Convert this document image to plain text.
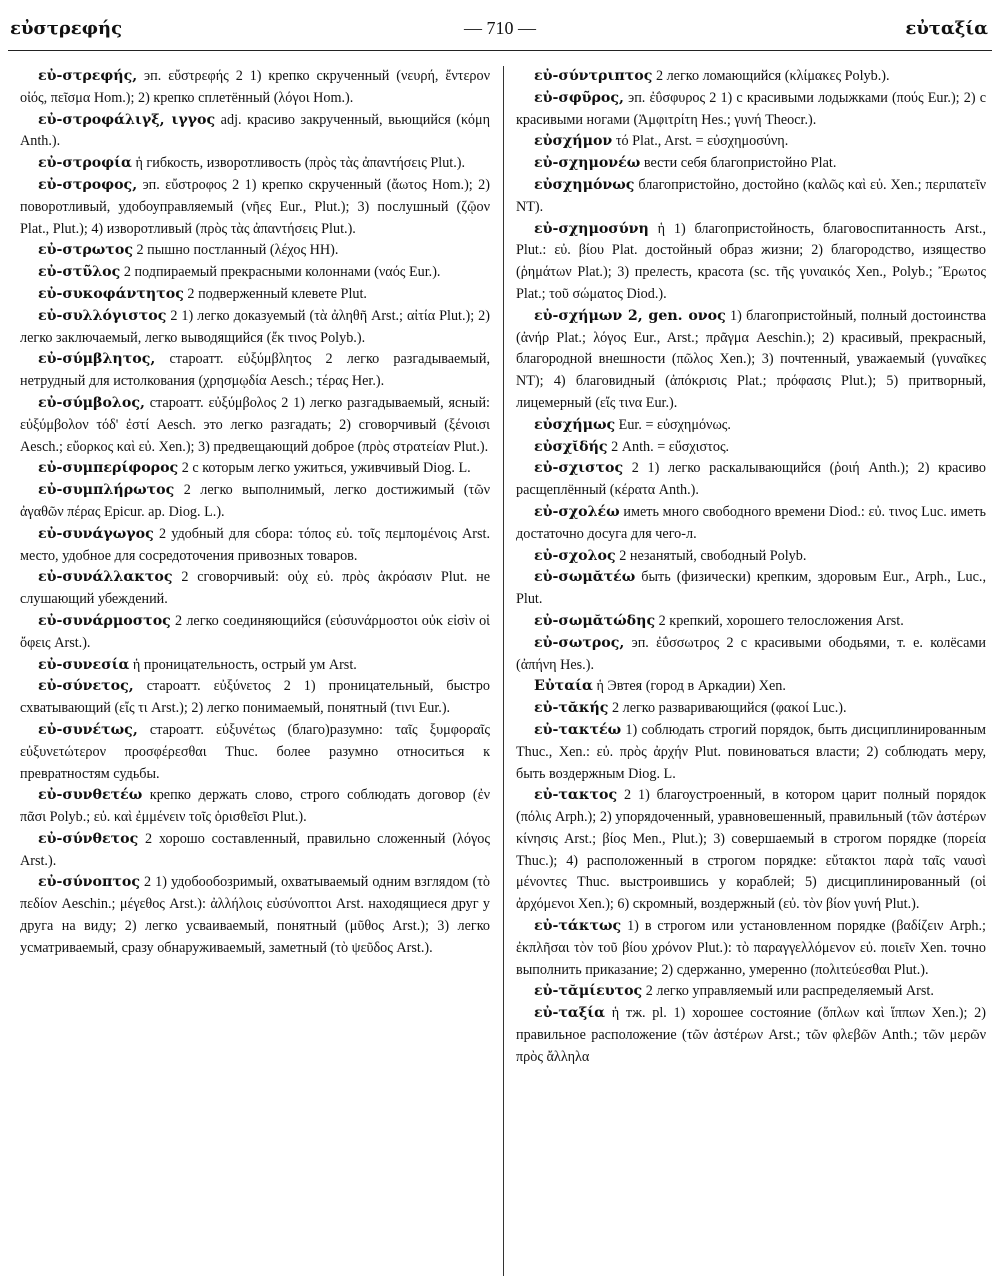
εὐστρεφής	— 710 —	εὐταξία

εὐ-στρεφής, эп. εὔστρεφής 2 1) крепко скрученный (νευρή, ἔντερον οἰός, πεῖσμα Hom.); 2) крепко сплетённый (λόγοι Hom.).

εὐ-στροφάλιγξ, ιγγος adj. красиво закрученный, вьющийся (κόμη Anth.).

εὐ-στροφία ἡ гибкость, изворотливость (πρὸς τὰς ἀπαντήσεις Plut.).

εὐ-στροφος, эп. εὔστροφος 2 1) крепко скрученный (ἄωτος Hom.); 2) поворотливый, удобоуправляемый (νῆες Eur., Plut.); 3) послушный (ζῷον Plat., Plut.); 4) изворотливый (πρὸς τὰς ἀπαντήσεις Plut.).

εὐ-στρωτος 2 пышно постланный (λέχος HH).

εὐ-στῦλος 2 подпираемый прекрасными колоннами (ναός Eur.).

εὐ-συκοφάντητος 2 подверженный клевете Plut.

εὐ-συλλόγιστος 2 1) легко доказуемый (τὰ ἀληθῆ Arst.; αἰτία Plut.); 2) легко заключаемый, легко выводящийся (ἔκ τινος Polyb.).

εὐ-σύμβλητος, староатт. εὐξύμβλητος 2 легко разгадываемый, нетрудный для истолкования (χρησμῳδία Aesch.; τέρας Her.).

εὐ-σύμβολος, староатт. εὐξύμβολος 2 1) легко разгадываемый, ясный: εὐξύμβολον τόδ' ἐστί Aesch. это легко разгадать; 2) сговорчивый (ξένοισι Aesch.; εὔορκος καὶ εὐ. Xen.); 3) предвещающий доброе (πρὸς στρατείαν Plut.).

εὐ-συμπερίφορος 2 с которым легко ужиться, уживчивый Diog. L.

εὐ-συμπλήρωτος 2 легко выполнимый, легко достижимый (τῶν ἀγαθῶν πέρας Epicur. ap. Diog. L.).

εὐ-συνάγωγος 2 удобный для сбора: τόπος εὐ. τοῖς πεμπομένοις Arst. место, удобное для сосредоточения привозных товаров.

εὐ-συνάλλακτος 2 сговорчивый: οὐχ εὐ. πρὸς ἀκρόασιν Plut. не слушающий убеждений.

εὐ-συνάρμοστος 2 легко соединяющийся (εὐσυνάρμοστοι οὐκ εἰσὶν οἱ ὄφεις Arst.).

εὐ-συνεσία ἡ проницательность, острый ум Arst.

εὐ-σύνετος, староатт. εὐξύνετος 2 1) проницательный, быстро схватывающий (εἴς τι Arst.); 2) легко понимаемый, понятный (τινι Eur.).

εὐ-συνέτως, староатт. εὐξυνέτως (благо)разумно: ταῖς ξυμφοραῖς εὐξυνετώτερον προσφέρεσθαι Thuc. более разумно относиться к превратностям судьбы.

εὐ-συνθετέω крепко держать слово, строго соблюдать договор (ἐν πᾶσι Polyb.; εὐ. καὶ ἐμμένειν τοῖς ὁρισθεῖσι Plut.).

εὐ-σύνθετος 2 хорошо составленный, правильно сложенный (λόγος Arst.).

εὐ-σύνοπτος 2 1) удобообозримый, охватываемый одним взглядом (τὸ πεδίον Aeschin.; μέγεθος Arst.): ἀλλήλοις εὐσύνοπτοι Arst. находящиеся друг у друга на виду; 2) легко усваиваемый, понятный (μῦθος Arst.); 3) легко усматриваемый, сразу обнаруживаемый, заметный (τὸ ψεῦδος Arst.).

εὐ-σύντριπτος 2 легко ломающийся (κλίμακες Polyb.).

εὐ-σφῦρος, эп. ἐΰσφυρος 2 1) с красивыми лодыжками (πούς Eur.); 2) с красивыми ногами (Ἀμφιτρίτη Hes.; γυνή Theocr.).

εὐσχήμον τό Plat., Arst. = εὐσχημοσύνη.

εὐ-σχημονέω вести себя благопристойно Plat.

εὐσχημόνως благопристойно, достойно (καλῶς καὶ εὐ. Xen.; περιπατεῖν NT).

εὐ-σχημοσύνη ἡ 1) благопристойность, благовоспитанность Arst., Plut.: εὐ. βίου Plat. достойный образ жизни; 2) благородство, изящество (ῥημάτων Plat.); 3) прелесть, красота (sc. τῆς γυναικός Xen., Polyb.; Ἔρωτος Plat.; τοῦ σώματος Diod.).

εὐ-σχήμων 2, gen. ονος 1) благопристойный, полный достоинства (ἀνήρ Plat.; λόγος Eur., Arst.; πρᾶγμα Aeschin.); 2) красивый, прекрасный, благородной внешности (πῶλος Xen.); 3) почтенный, уважаемый (γυναῖκες NT); 4) благовидный (ἀπόκρισις Plat.; πρόφασις Plut.); 5) притворный, лицемерный (εἴς τινα Eur.).

εὐσχήμως Eur. = εὐσχημόνως.

εὐσχῐδής 2 Anth. = εὔσχιστος.

εὐ-σχιστος 2 1) легко раскалывающийся (ῥοιή Anth.); 2) красиво расщеплённый (κέρατα Anth.).

εὐ-σχολέω иметь много свободного времени Diod.: εὐ. τινος Luc. иметь достаточно досуга для чего-л.

εὐ-σχολος 2 незанятый, свободный Polyb.

εὐ-σωμᾰτέω быть (физически) крепким, здоровым Eur., Arph., Luc., Plut.

εὐ-σωμᾰτώδης 2 крепкий, хорошего телосложения Arst.

εὐ-σωτρος, эп. ἐΰσσωτρος 2 с красивыми ободьями, т. е. колёсами (ἀπήνη Hes.).

Εὐταία ἡ Эвтея (город в Аркадии) Xen.

εὐ-τᾰκής 2 легко разваривающийся (φακοί Luc.).

εὐ-τακτέω 1) соблюдать строгий порядок, быть дисциплинированным Thuc., Xen.: εὐ. πρὸς ἀρχήν Plut. повиноваться власти; 2) соблюдать меру, быть воздержным Diog. L.

εὐ-τακτος 2 1) благоустроенный, в котором царит полный порядок (πόλις Arph.); 2) упорядоченный, уравновешенный, правильный (τῶν ἀστέρων κίνησις Arst.; βίος Men., Plut.); 3) совершаемый в строгом порядке (πορεία Thuc.); 4) расположенный в строгом порядке: εὔτακτοι παρὰ ταῖς ναυσὶ μένοντες Thuc. выстроившись у кораблей; 5) дисциплинированный (οἱ ἀρχόμενοι Xen.); 6) скромный, воздержный (εὐ. τὸν βίον γυνή Plut.).

εὐ-τάκτως 1) в строгом или установленном порядке (βαδίζειν Arph.; ἐκπλῆσαι τὸν τοῦ βίου χρόνον Plut.): τὸ παραγγελλόμενον εὐ. ποιεῖν Xen. точно выполнить приказание; 2) сдержанно, умеренно (πολιτεύεσθαι Plut.).

εὐ-τᾰμίευτος 2 легко управляемый или распределяемый Arst.

εὐ-ταξία ἡ тж. pl. 1) хорошее состояние (ὅπλων καὶ ἵππων Xen.); 2) правильное расположение (τῶν ἀστέρων Arst.; τῶν φλεβῶν Anth.; τῶν μερῶν πρὸς ἄλληλα
